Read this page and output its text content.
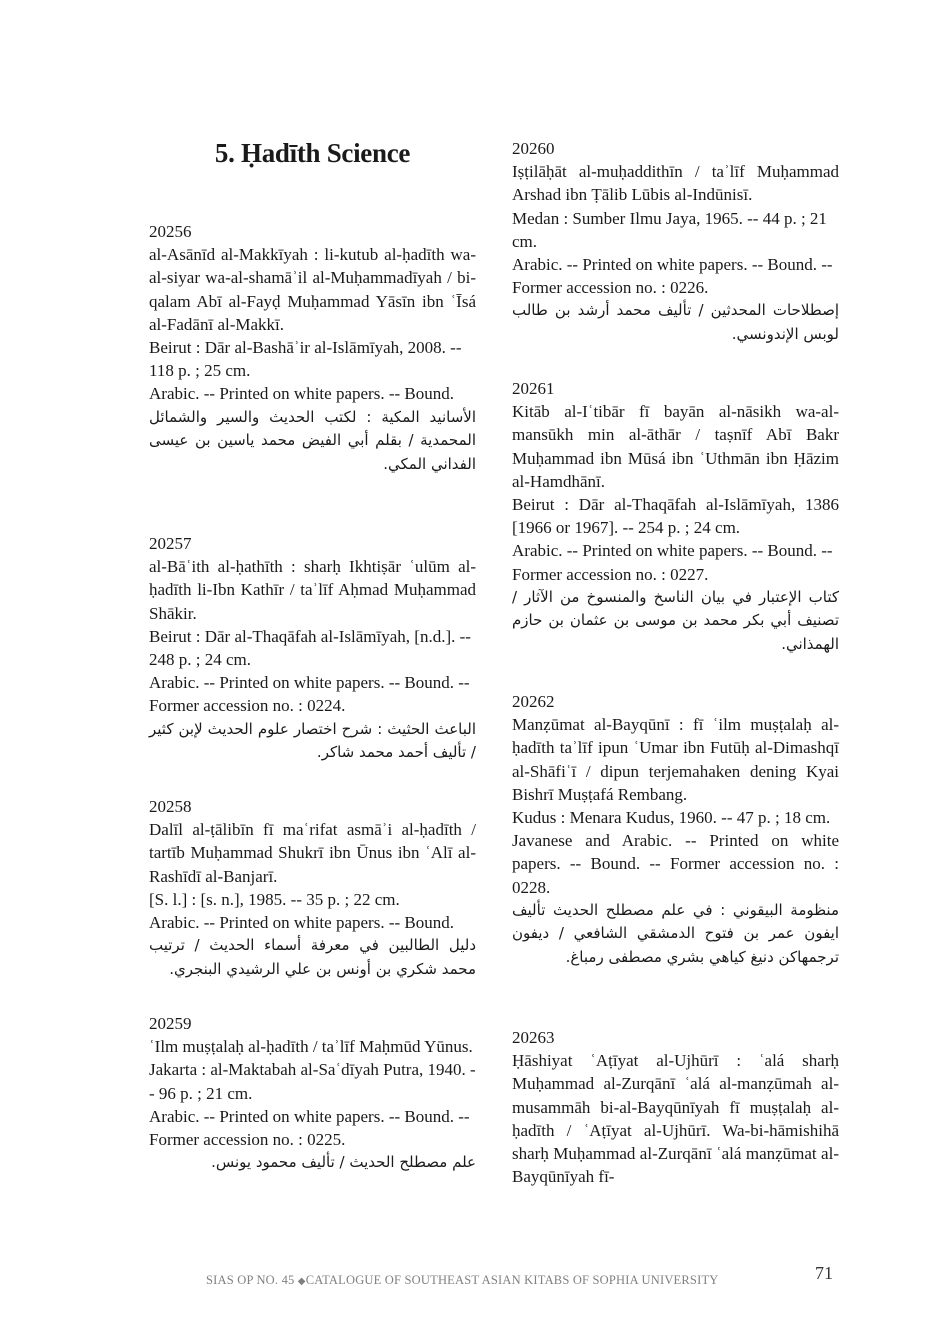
5. Ḥadīth Science

20256

al-Asānīd al-Makkīyah : li-kutub al-ḥadīth wa-al-siyar wa-al-shamāʾil al-Muḥammadīyah / bi-qalam Abī al-Fayḍ Muḥammad Yāsīn ibn ʿĪsá al-Fadānī al-Makkī.

Beirut : Dār al-Bashāʾir al-Islāmīyah, 2008. -- 118 p. ; 25 cm.

Arabic. -- Printed on white papers. -- Bound.

الأسانيد المكية : لكتب الحديث والسير والشمائل المحمدية / بقلم أبي الفيض محمد ياسين بن عيسى الفداني المكي.

20257

al-Bāʿith al-ḥathīth : sharḥ Ikhtiṣār ʿulūm al-ḥadīth li-Ibn Kathīr / taʾlīf Aḥmad Muḥammad Shākir.

Beirut : Dār al-Thaqāfah al-Islāmīyah, [n.d.]. -- 248 p. ; 24 cm.

Arabic. -- Printed on white papers. -- Bound. -- Former accession no. : 0224.

الباعث الحثيث : شرح اختصار علوم الحديث لإبن كثير / تأليف أحمد محمد شاكر.

20258

Dalīl al-ṭālibīn fī maʿrifat asmāʾi al-ḥadīth / tartīb Muḥammad Shukrī ibn Ūnus ibn ʿAlī al-Rashīdī al-Banjarī.

[S. l.] : [s. n.], 1985. -- 35 p. ; 22 cm.

Arabic. -- Printed on white papers. -- Bound.

دليل الطالبين في معرفة أسماء الحديث / ترتيب محمد شكري بن أونس بن علي الرشيدي البنجري.

20259

ʿIlm muṣṭalaḥ al-ḥadīth / taʾlīf Maḥmūd Yūnus.

Jakarta : al-Maktabah al-Saʿdīyah Putra, 1940. -- 96 p. ; 21 cm.

Arabic. -- Printed on white papers. -- Bound. -- Former accession no. : 0225.

علم مصطلح الحديث / تأليف محمود يونس.

20260

Iṣṭilāḥāt al-muḥaddithīn / taʾlīf Muḥammad Arshad ibn Ṭālib Lūbis al-Indūnisī.

Medan : Sumber Ilmu Jaya, 1965. -- 44 p. ; 21 cm.

Arabic. -- Printed on white papers. -- Bound. -- Former accession no. : 0226.

إصطلاحات المحدثين / تأليف محمد أرشد بن طالب لوبس الإندونسي.

20261

Kitāb al-Iʿtibār fī bayān al-nāsikh wa-al-mansūkh min al-āthār / taṣnīf Abī Bakr Muḥammad ibn Mūsá ibn ʿUthmān ibn Ḥāzim al-Hamdhānī.

Beirut : Dār al-Thaqāfah al-Islāmīyah, 1386 [1966 or 1967]. -- 254 p. ; 24 cm.

Arabic. -- Printed on white papers. -- Bound. -- Former accession no. : 0227.

كتاب الإعتبار في بيان الناسخ والمنسوخ من الآثار / تصنيف أبي بكر محمد بن موسى بن عثمان بن حازم الهمذاني.

20262

Manẓūmat al-Bayqūnī : fī ʿilm muṣṭalaḥ al-ḥadīth taʾlīf ipun ʿUmar ibn Futūḥ al-Dimashqī al-Shāfiʿī / dipun terjemahaken dening Kyai Bishrī Muṣṭafá Rembang.

Kudus : Menara Kudus, 1960. -- 47 p. ; 18 cm.

Javanese and Arabic. -- Printed on white papers. -- Bound. -- Former accession no. : 0228.

منظومة البيقوني : في علم مصطلح الحديث تأليف ايفون عمر بن فتوح الدمشقي الشافعي / ديفون ترجمهاكن دنيغ كياهي بشري مصطفى رمباغ.

20263

Ḥāshiyat ʿAṭīyat al-Ujhūrī : ʿalá sharḥ Muḥammad al-Zurqānī ʿalá al-manẓūmah al-musammāh bi-al-Bayqūnīyah fī muṣṭalaḥ al-ḥadīth / ʿAṭīyat al-Ujhūrī. Wa-bi-hāmishihā sharḥ Muḥammad al-Zurqānī ʿalá manẓūmat al-Bayqūnīyah fī-

SIAS OP NO. 45 ◆CATALOGUE OF SOUTHEAST ASIAN KITABS OF SOPHIA UNIVERSITY	71
